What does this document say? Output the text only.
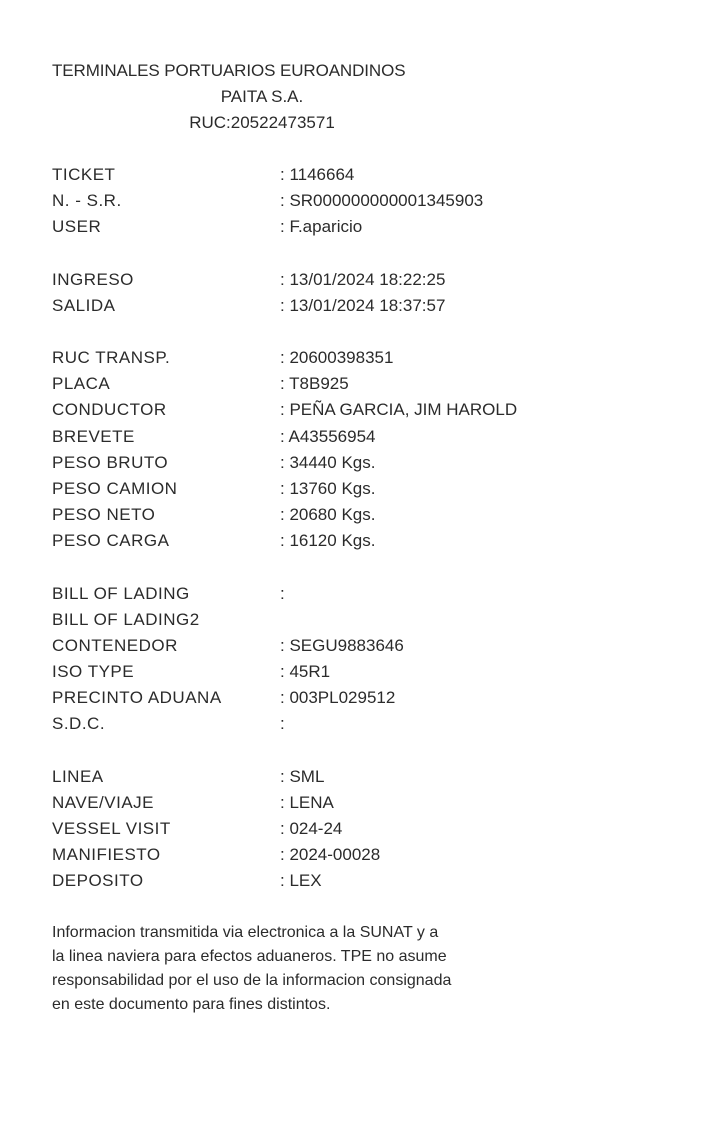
TERMINALES PORTUARIOS EUROANDINOS
PAITA S.A.
RUC:20522473571
TICKET	: 1146664
N. - S.R.	: SR000000000001345903
USER	: F.aparicio
INGRESO	: 13/01/2024 18:22:25
SALIDA	: 13/01/2024 18:37:57
RUC TRANSP.	: 20600398351
PLACA	: T8B925
CONDUCTOR	: PEÑA GARCIA, JIM HAROLD
BREVETE	: A43556954
PESO BRUTO	: 34440 Kgs.
PESO CAMION	: 13760 Kgs.
PESO NETO	: 20680 Kgs.
PESO CARGA	: 16120 Kgs.
BILL OF LADING	:
BILL OF LADING2
CONTENEDOR	: SEGU9883646
ISO TYPE	: 45R1
PRECINTO ADUANA	: 003PL029512
S.D.C.	:
LINEA	: SML
NAVE/VIAJE	: LENA
VESSEL VISIT	: 024-24
MANIFIESTO	: 2024-00028
DEPOSITO	: LEX
Informacion transmitida via electronica a la SUNAT y a
la linea naviera para efectos aduaneros. TPE no asume
responsabilidad por el uso de la informacion consignada
en este documento para fines distintos.
